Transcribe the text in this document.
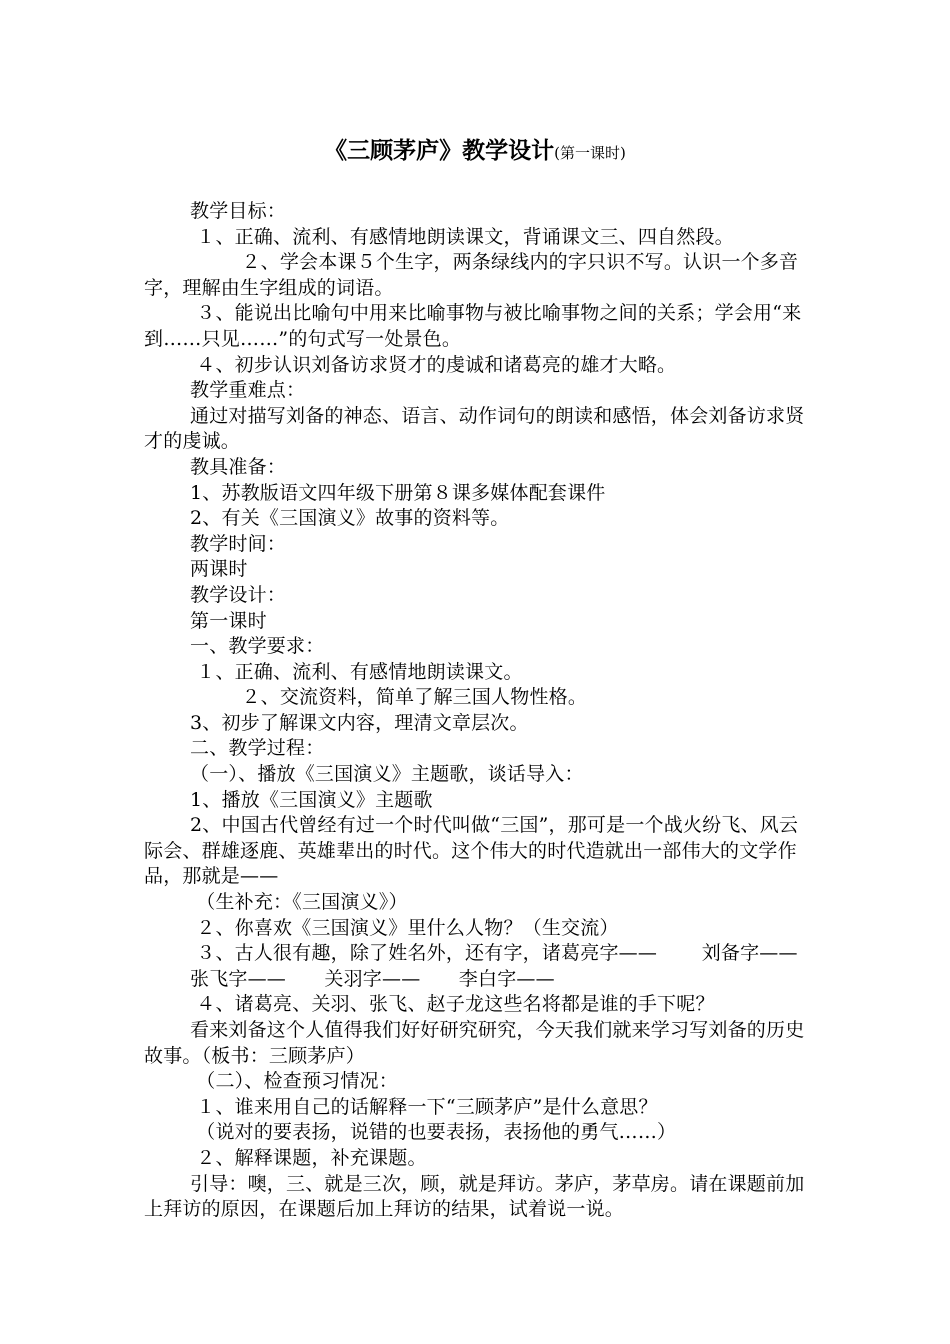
《三顾茅庐》教学设计(第一课时)

教学目标：

１、正确、流利、有感情地朗读课文，背诵课文三、四自然段。

　 ２、学会本课５个生字，两条绿线内的字只识不写。认识一个多音字，理解由生字组成的词语。

３、能说出比喻句中用来比喻事物与被比喻事物之间的关系；学会用“来到……只见……”的句式写一处景色。

４、初步认识刘备访求贤才的虔诚和诸葛亮的雄才大略。

教学重难点：

通过对描写刘备的神态、语言、动作词句的朗读和感悟，体会刘备访求贤才的虔诚。

教具准备：

1、苏教版语文四年级下册第８课多媒体配套课件

2、有关《三国演义》故事的资料等。

教学时间：

两课时

教学设计：

第一课时

一、教学要求：

１、正确、流利、有感情地朗读课文。

　 ２、交流资料，简单了解三国人物性格。

3、初步了解课文内容，理清文章层次。

二、教学过程：

（一）、播放《三国演义》主题歌，谈话导入：

1、播放《三国演义》主题歌

2、中国古代曾经有过一个时代叫做“三国”，那可是一个战火纷飞、风云际会、群雄逐鹿、英雄辈出的时代。这个伟大的时代造就出一部伟大的文学作品，那就是——

（生补充：《三国演义》）

２、你喜欢《三国演义》里什么人物？（生交流）

３、古人很有趣，除了姓名外，还有字，诸葛亮字——　　 刘备字——

张飞字——　　关羽字——　　李白字——

４、诸葛亮、关羽、张飞、赵子龙这些名将都是谁的手下呢？

看来刘备这个人值得我们好好研究研究，今天我们就来学习写刘备的历史故事。（板书：三顾茅庐）

（二）、检查预习情况：

１、谁来用自己的话解释一下“三顾茅庐”是什么意思？

（说对的要表扬，说错的也要表扬，表扬他的勇气……）

２、解释课题，补充课题。

引导：噢，三、就是三次，顾，就是拜访。茅庐，茅草房。请在课题前加上拜访的原因，在课题后加上拜访的结果，试着说一说。
